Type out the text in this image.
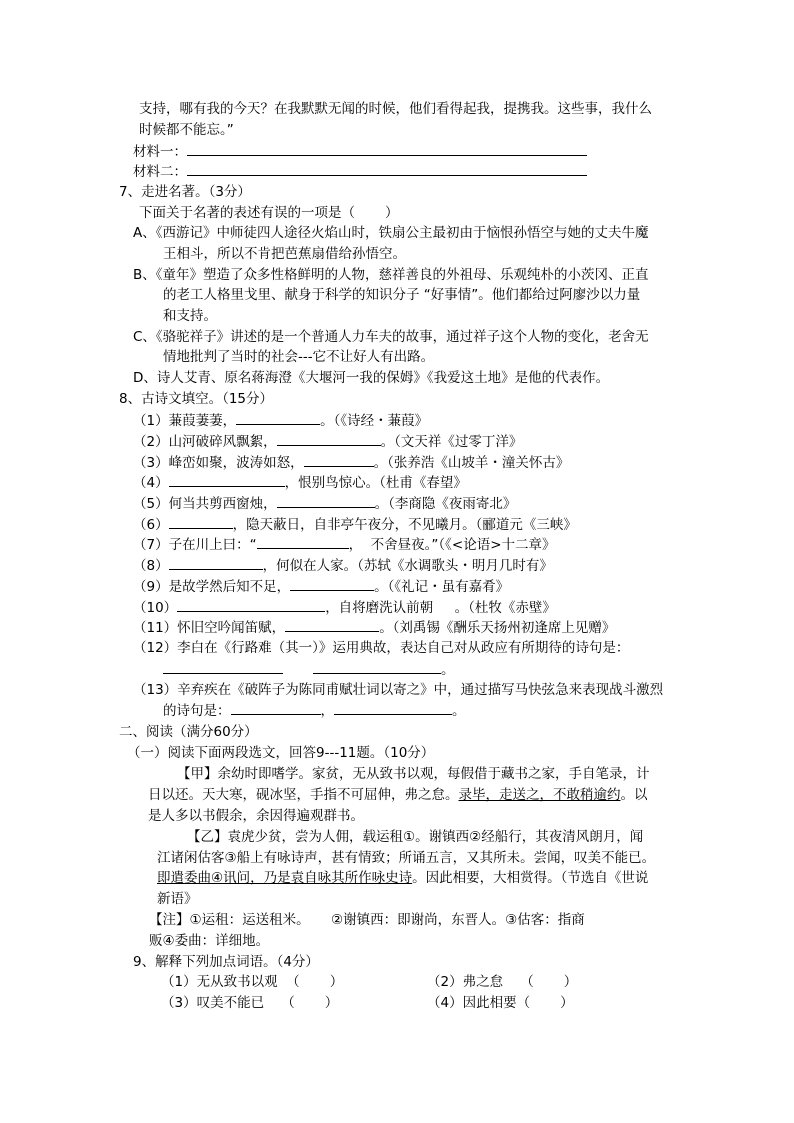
支持，哪有我的今天？在我默默无闻的时候，他们看得起我，提携我。这些事，我什么
时候都不能忘。”
材料一：
材料二：
7、走进名著。（3分）
下面关于名著的表述有误的一项是（       ）
A、《西游记》中师徒四人途径火焰山时，铁扇公主最初由于恼恨孙悟空与她的丈夫牛魔
王相斗，所以不肯把芭蕉扇借给孙悟空。
B、《童年》塑造了众多性格鲜明的人物，慈祥善良的外祖母、乐观纯朴的小茨冈、正直
的老工人格里戈里、献身于科学的知识分子 “好事情”。他们都给过阿廖沙以力量
和支持。
C、《骆驼祥子》讲述的是一个普通人力车夫的故事，通过祥子这个人物的变化，老舍无
情地批判了当时的社会---它不让好人有出路。
D、诗人艾青、原名蒋海澄《大堰河一我的保姆》《我爱这土地》是他的代表作。
8、古诗文填空。（15分）
（1）蒹葭萋萋，	。（《诗经・蒹葭》
（2）山河破碎风飘絮，	。（文天祥《过零丁洋》
（3）峰峦如聚，波涛如怒，	。（张养浩《山坡羊・潼关怀古》
（4）	，恨别鸟惊心。（杜甫《春望》
（5）何当共剪西窗烛，	。（李商隐《夜雨寄北》
（6）	，隐天蔽日，自非亭午夜分，不见曦月。（郦道元《三峡》
（7）子在川上曰：“	，  不舍昼夜。”（《<论语>十二章》
（8）	，何似在人家。（苏轼《水调歌头・明月几时有》
（9）是故学然后知不足，	。（《礼记・虽有嘉肴》
（10）	，自将磨洗认前朝     。（杜牧《赤壁》
（11）怀旧空吟闻笛赋，	。（刘禹锡《酬乐天扬州初逢席上见赠》
（12）李白在《行路难（其一）》运用典故，表达自己对从政应有所期待的诗句是：
。
（13）辛弃疾在《破阵子为陈同甫赋壮词以寄之》中，通过描写马快弦急来表现战斗激烈
的诗句是：	，	。
二、阅读（满分60分）
（一）阅读下面两段选文，回答9---11题。（10分）
【甲】余幼时即嗜学。家贫，无从致书以观，每假借于藏书之家，手自笔录，计
日以还。天大寒，砚冰坚，手指不可屈伸，弗之怠。录毕，走送之，不敢稍逾约。以
是人多以书假余，余因得遍观群书。
【乙】袁虎少贫，尝为人佣，载运租①。谢镇西②经船行，其夜清风朗月，闻
江诸闲估客③船上有咏诗声，甚有情致；所诵五言，又其所未。尝闻，叹美不能已。
即遣委曲④讯问，乃是袁自咏其所作咏史诗。因此相要，大相赏得。（节选自《世说
新语》
【注】①运租：运送租米。     ②谢镇西：即谢尚，东晋人。③估客：指商
贩④委曲：详细地。
9、解释下列加点词语。（4分）
（1）无从致书以观  （       ）	（2）弗之怠    （       ）
（3）叹美不能已    （       ）	（4）因此相要（       ）
